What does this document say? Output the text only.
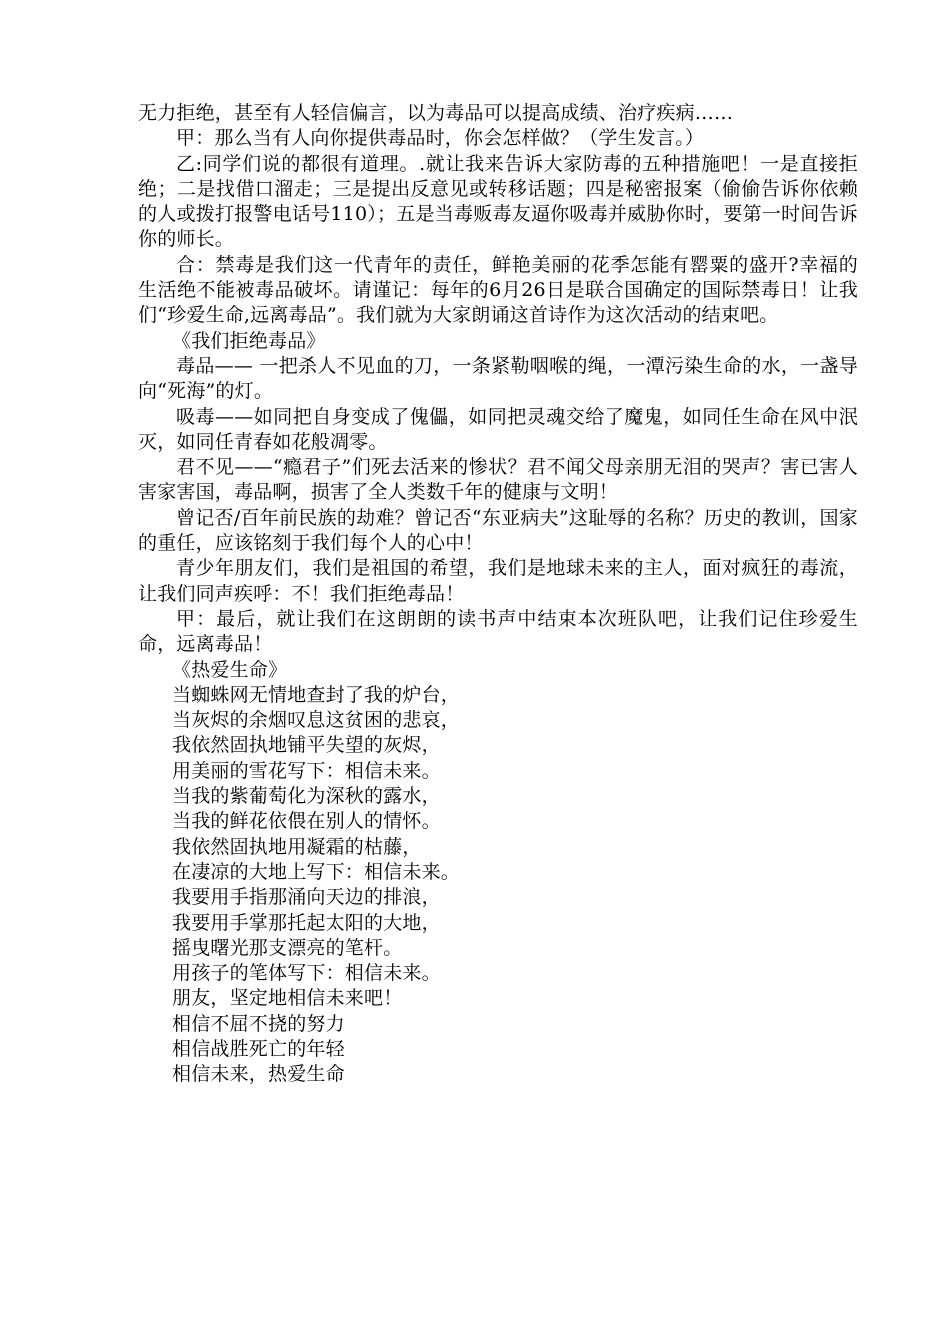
无力拒绝，甚至有人轻信偏言，以为毒品可以提高成绩、治疗疾病……

甲：那么当有人向你提供毒品时，你会怎样做？（学生发言。）

乙:同学们说的都很有道理。.就让我来告诉大家防毒的五种措施吧！一是直接拒绝；二是找借口溜走；三是提出反意见或转移话题；四是秘密报案（偷偷告诉你依赖的人或拨打报警电话号110）；五是当毒贩毒友逼你吸毒并威胁你时，要第一时间告诉你的师长。

合：禁毒是我们这一代青年的责任，鲜艳美丽的花季怎能有罂粟的盛开?幸福的生活绝不能被毒品破坏。请谨记：每年的6月26日是联合国确定的国际禁毒日！让我们“珍爱生命,远离毒品”。我们就为大家朗诵这首诗作为这次活动的结束吧。

《我们拒绝毒品》

毒品—— 一把杀人不见血的刀，一条紧勒咽喉的绳，一潭污染生命的水，一盏导向“死海”的灯。

吸毒——如同把自身变成了傀儡，如同把灵魂交给了魔鬼，如同任生命在风中泯灭，如同任青春如花般凋零。

君不见——“瘾君子”们死去活来的惨状？君不闻父母亲朋无泪的哭声？害已害人害家害国，毒品啊，损害了全人类数千年的健康与文明！

曾记否/百年前民族的劫难？曾记否“东亚病夫”这耻辱的名称？历史的教训，国家的重任，应该铭刻于我们每个人的心中！

青少年朋友们，我们是祖国的希望，我们是地球未来的主人，面对疯狂的毒流，让我们同声疾呼：不！我们拒绝毒品！

甲：最后，就让我们在这朗朗的读书声中结束本次班队吧，让我们记住珍爱生命，远离毒品！

《热爱生命》

当蜘蛛网无情地查封了我的炉台，

当灰烬的余烟叹息这贫困的悲哀，

我依然固执地铺平失望的灰烬，

用美丽的雪花写下：相信未来。

当我的紫葡萄化为深秋的露水，

当我的鲜花依偎在别人的情怀。

我依然固执地用凝霜的枯藤，

在凄凉的大地上写下：相信未来。

我要用手指那涌向天边的排浪，

我要用手掌那托起太阳的大地，

摇曳曙光那支漂亮的笔杆。

用孩子的笔体写下：相信未来。

朋友，坚定地相信未来吧！

相信不屈不挠的努力

相信战胜死亡的年轻

相信未来，热爱生命
